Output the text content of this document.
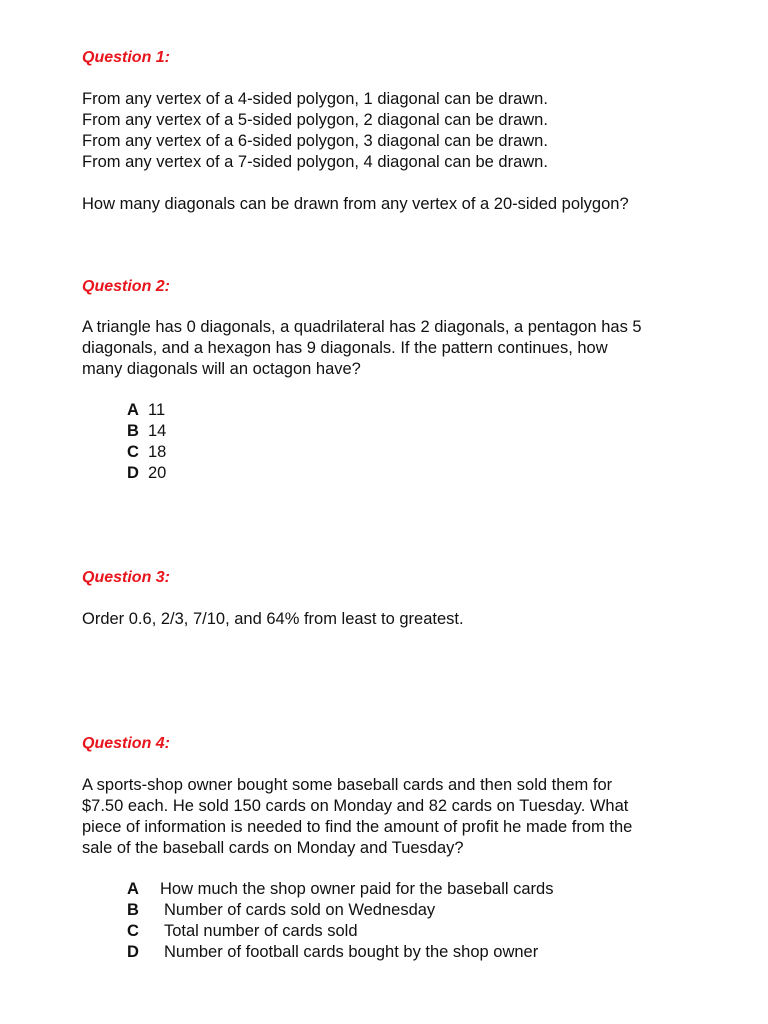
Question 1:
From any vertex of a 4-sided polygon, 1 diagonal can be drawn.
From any vertex of a 5-sided polygon, 2 diagonal can be drawn.
From any vertex of a 6-sided polygon, 3 diagonal can be drawn.
From any vertex of a 7-sided polygon, 4 diagonal can be drawn.
How many diagonals can be drawn from any vertex of a 20-sided polygon?
Question 2:
A triangle has 0 diagonals, a quadrilateral has 2 diagonals, a pentagon has 5
diagonals, and a hexagon has 9 diagonals. If the pattern continues, how
many diagonals will an octagon have?
A 11
B 14
C 18
D 20
Question 3:
Order 0.6, 2/3, 7/10, and 64% from least to greatest.
Question 4:
A sports-shop owner bought some baseball cards and then sold them for
$7.50 each. He sold 150 cards on Monday and 82 cards on Tuesday. What
piece of information is needed to find the amount of profit he made from the
sale of the baseball cards on Monday and Tuesday?
A How much the shop owner paid for the baseball cards
B Number of cards sold on Wednesday
C Total number of cards sold
D Number of football cards bought by the shop owner
